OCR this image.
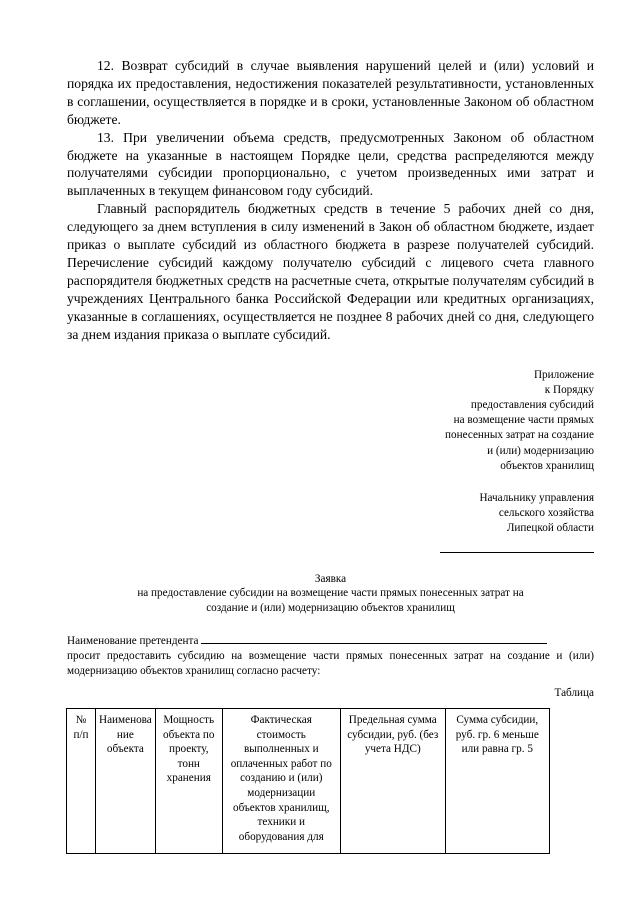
12. Возврат субсидий в случае выявления нарушений целей и (или) условий и порядка их предоставления, недостижения показателей результативности, установленных в соглашении, осуществляется в порядке и в сроки, установленные Законом об областном бюджете.

13. При увеличении объема средств, предусмотренных Законом об областном бюджете на указанные в настоящем Порядке цели, средства распределяются между получателями субсидии пропорционально, с учетом произведенных ими затрат и выплаченных в текущем финансовом году субсидий.

Главный распорядитель бюджетных средств в течение 5 рабочих дней со дня, следующего за днем вступления в силу изменений в Закон об областном бюджете, издает приказ о выплате субсидий из областного бюджета в разрезе получателей субсидий. Перечисление субсидий каждому получателю субсидий с лицевого счета главного распорядителя бюджетных средств на расчетные счета, открытые получателям субсидий в учреждениях Центрального банка Российской Федерации или кредитных организациях, указанные в соглашениях, осуществляется не позднее 8 рабочих дней со дня, следующего за днем издания приказа о выплате субсидий.

Приложение
к Порядку
предоставления субсидий
на возмещение части прямых
понесенных затрат на создание
и (или) модернизацию
объектов хранилищ
Начальнику управления
сельского хозяйства
Липецкой области
Заявка
на предоставление субсидии на возмещение части прямых понесенных затрат на
создание и (или) модернизацию объектов хранилищ
Наименование претендента
просит предоставить субсидию на возмещение части прямых понесенных затрат на создание и (или) модернизацию объектов хранилищ согласно расчету:
Таблица
№ п/п	Наименова ние объекта	Мощность объекта по проекту, тонн хранения	Фактическая стоимость выполненных и оплаченных работ по созданию и (или) модернизации объектов хранилищ, техники и оборудования для	Предельная сумма субсидии, руб. (без учета НДС)	Сумма субсидии, руб. гр. 6 меньше или равна гр. 5
